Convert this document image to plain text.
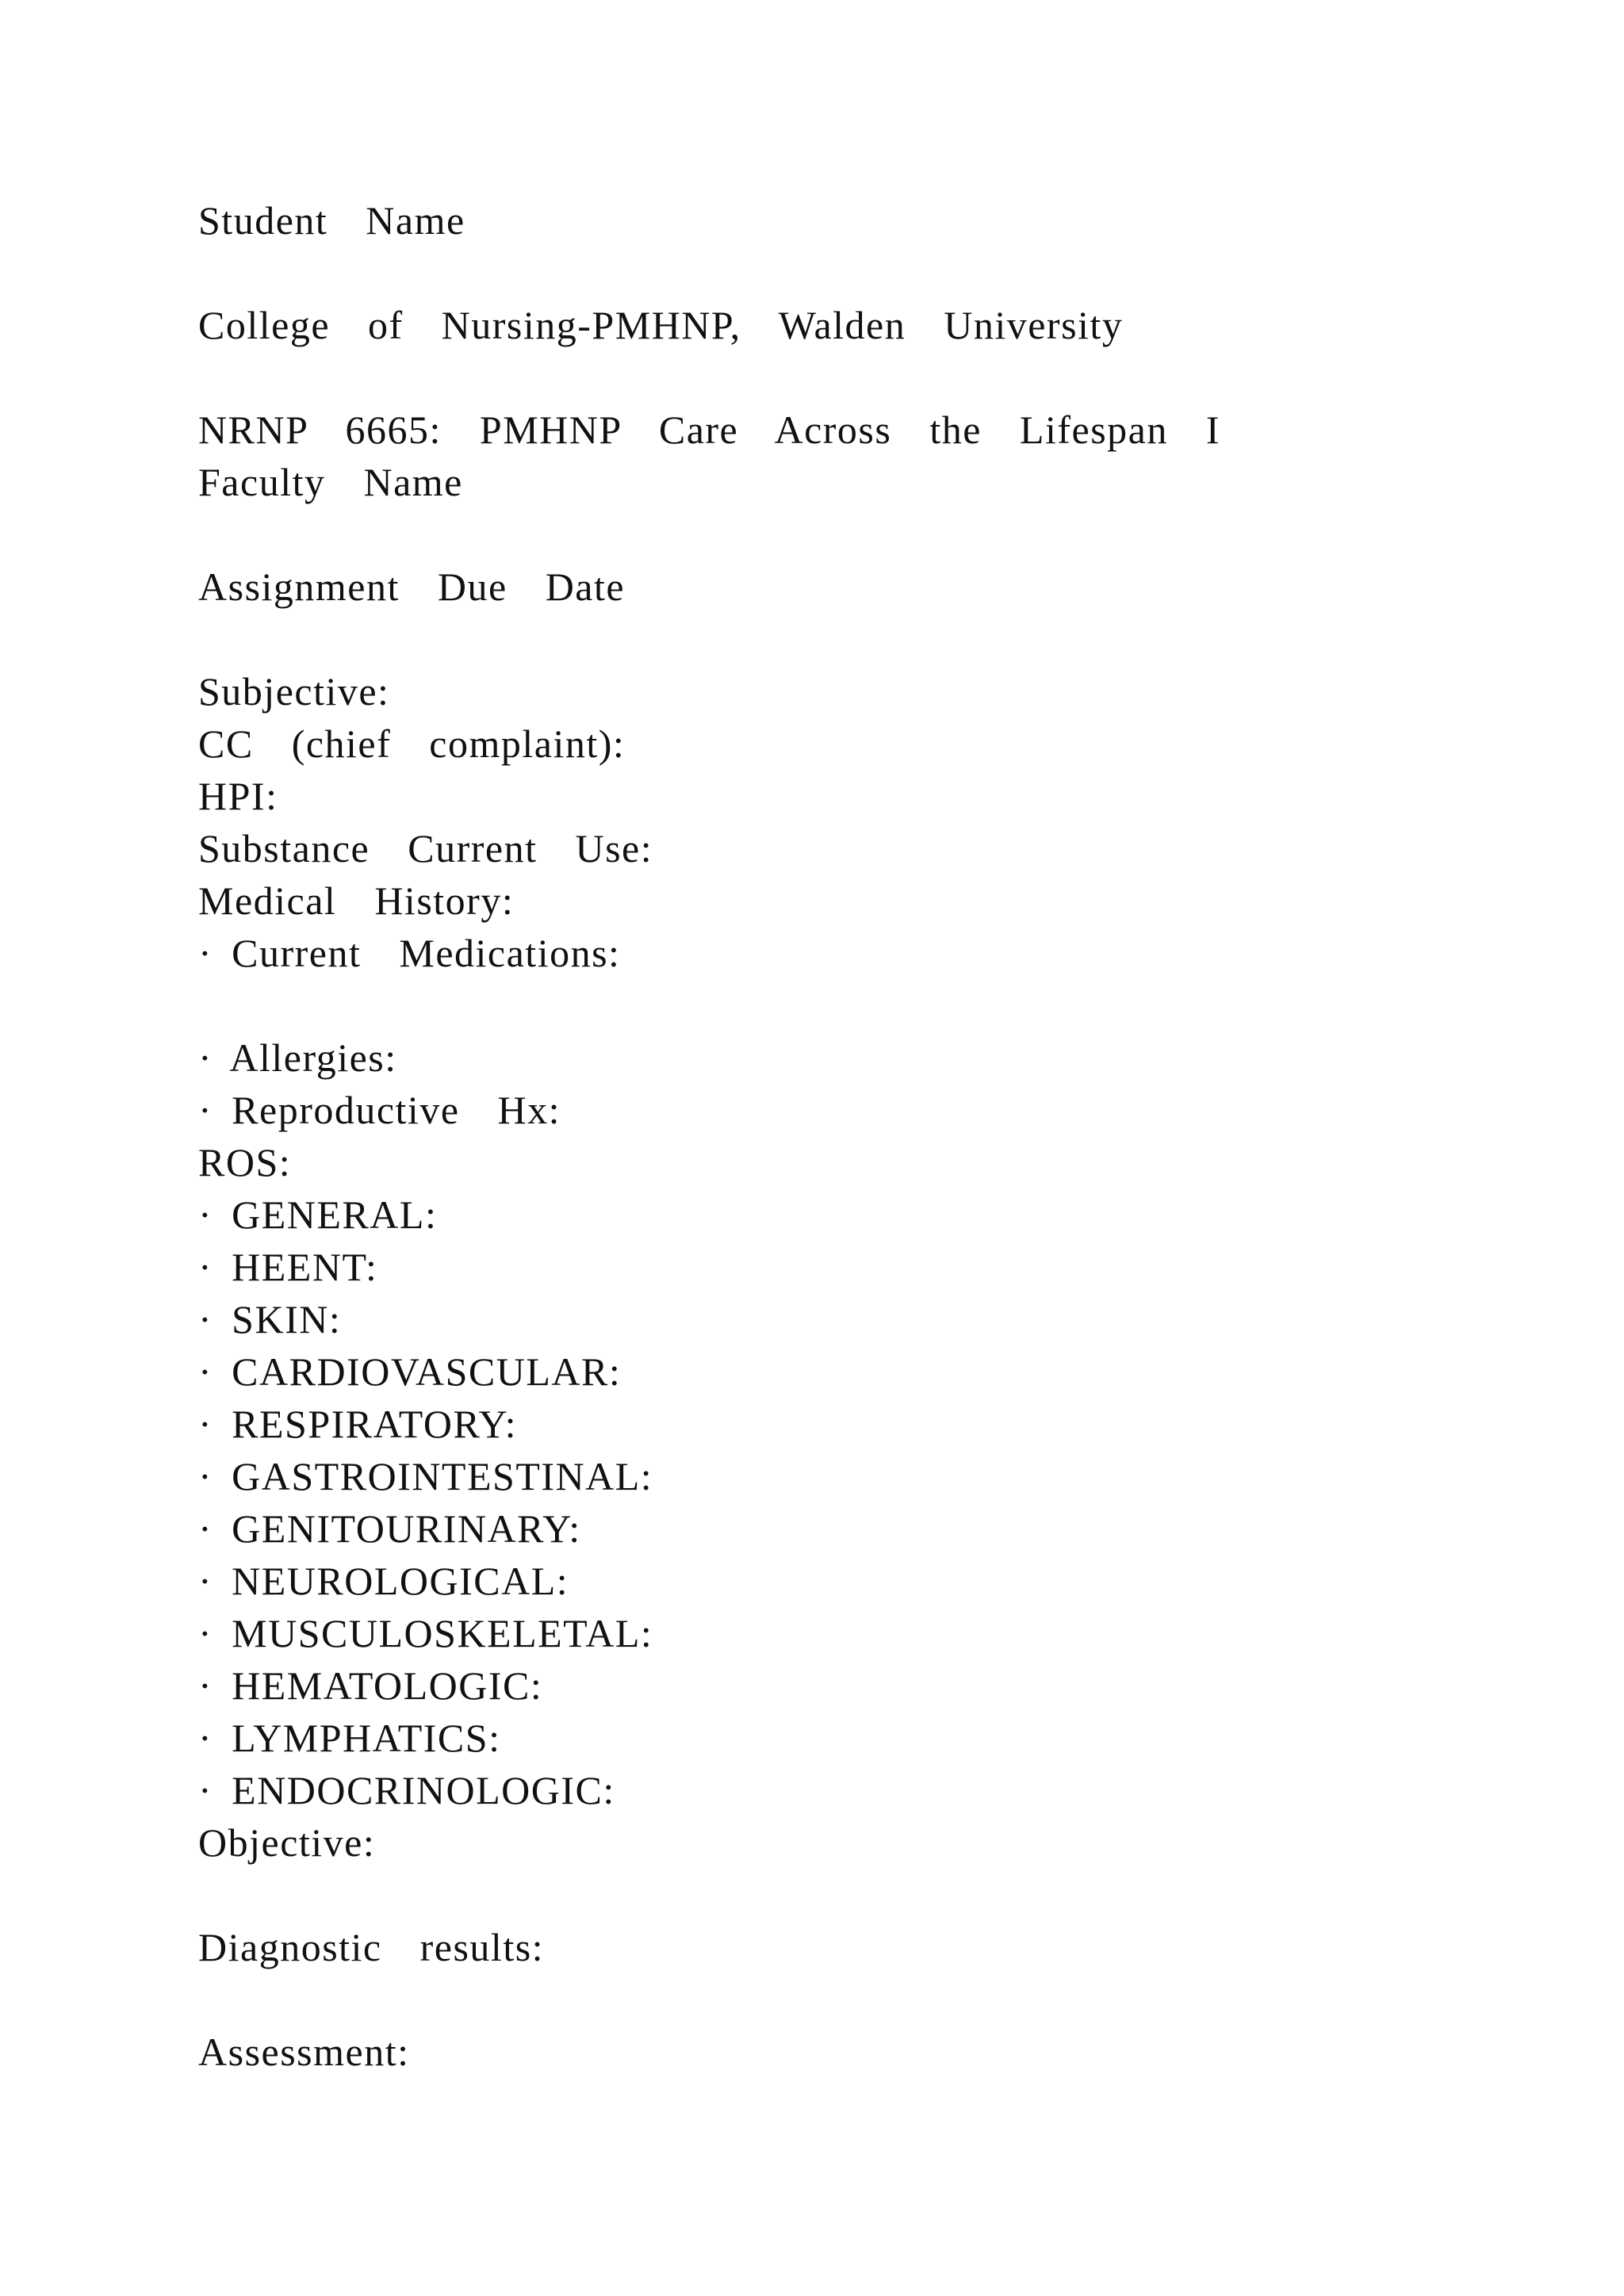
Student  Name

College  of  Nursing-PMHNP,  Walden  University

NRNP  6665:  PMHNP  Care  Across  the  Lifespan  I

Faculty  Name

Assignment  Due  Date

Subjective:

CC  (chief  complaint):

HPI:

Substance  Current  Use:

Medical  History:

· Current  Medications:

· Allergies:

· Reproductive  Hx:

ROS:

· GENERAL:

· HEENT:

· SKIN:

· CARDIOVASCULAR:

· RESPIRATORY:

· GASTROINTESTINAL:

· GENITOURINARY:

· NEUROLOGICAL:

· MUSCULOSKELETAL:

· HEMATOLOGIC:

· LYMPHATICS:

· ENDOCRINOLOGIC:

Objective:

Diagnostic  results:

Assessment:
